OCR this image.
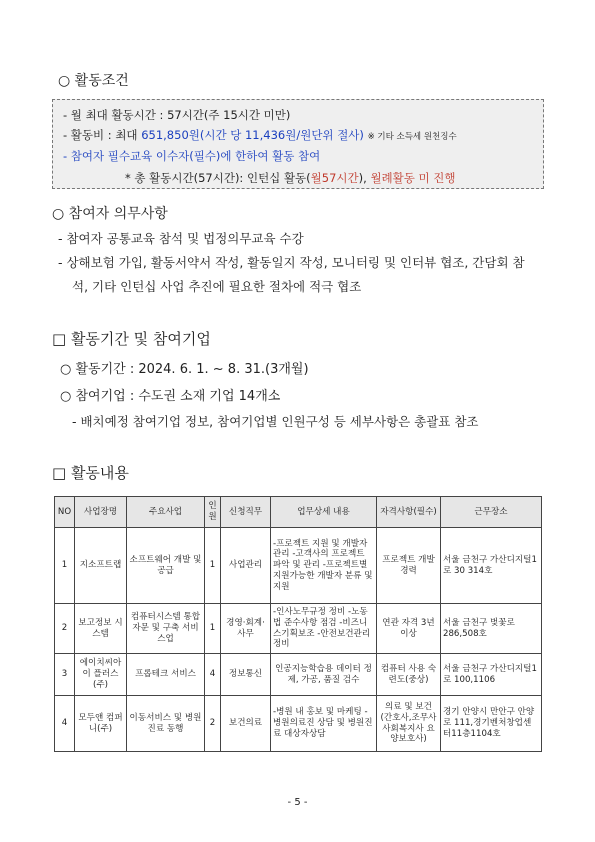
○ 활동조건
- 월 최대 활동시간 : 57시간(주 15시간 미만)
- 활동비 : 최대 651,850원(시간 당 11,436원/원단위 절사) ※ 기타 소득세 원천징수
- 참여자 필수교육 이수자(필수)에 한하여 활동 참여
* 총 활동시간(57시간): 인턴십 활동(월57시간), 월례활동 미 진행
○ 참여자 의무사항
- 참여자 공통교육 참석 및 법정의무교육 수강
- 상해보험 가입, 활동서약서 작성, 활동일지 작성, 모니터링 및 인터뷰 협조, 간담회 참
석, 기타 인턴십 사업 추진에 필요한 절차에 적극 협조
□ 활동기간 및 참여기업
○ 활동기간 : 2024. 6. 1. ~ 8. 31.(3개월)
○ 참여기업 : 수도권 소재 기업 14개소
- 배치예정 참여기업 정보, 참여기업별 인원구성 등 세부사항은 총괄표 참조
□ 활동내용
NO	사업장명	주요사업	인원	신청직무	업무상세 내용	자격사항(필수)	근무장소
1	지소프트랩	소프트웨어 개발 및 공급	1	사업관리	-프로젝트 지원 및 개발자 관리 -고객사의 프로젝트 파악 및 관리 -프로젝트별 지원가능한 개발자 분류 및 지원	프로젝트 개발경력	서울 금천구 가산디지털1로 30 314호
2	보고정보 시스템	컴퓨터시스템 통합 자문 및 구축 서비스업	1	경영·회계·사무	-인사노무규정 정비 -노동법 준수사항 점검 -비즈니스기획보조 -안전보건관리정비	연관 자격 3년 이상	서울 금천구 벚꽃로 286,508호
3	에이치씨아이 플러스 (주)	프롭테크 서비스	4	정보통신	인공지능학습용 데이터 정제, 가공, 품질 검수	컴퓨터 사용 숙련도(중상)	서울 금천구 가산디지털1로 100,1106
4	모두앤 컴퍼니(주)	이동서비스 및 병원진료 동행	2	보건의료	-병원 내 홍보 및 마케팅 -병원의료진 상담 및 병원진료 대상자상담	의료 및 보건 (간호사,조무사 사회복지사 요양보호사)	경기 안양시 만안구 안양로 111,경기벤처창업센터11층1104호
- 5 -
